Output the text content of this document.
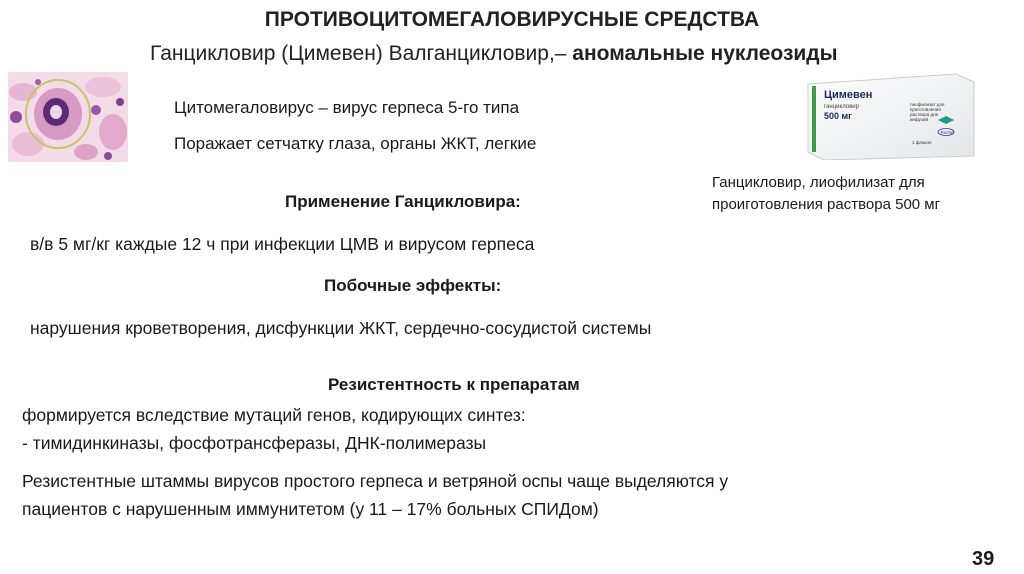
ПРОТИВОЦИТОМЕГАЛОВИРУСНЫЕ СРЕДСТВА
Ганцикловир (Цимевен) Валганцикловир,– аномальные нуклеозиды
Цимевен
ганцикловир
500 мг
лиофилизат для приготовления раствора для инфузий
1 флакон
Roche
Цитомегаловирус – вирус герпеса 5-го типа
Поражает сетчатку глаза, органы ЖКТ, легкие
Ганцикловир, лиофилизат для проиготовления раствора 500 мг
Применение Ганцикловира:
в/в 5 мг/кг каждые 12 ч при инфекции ЦМВ и вирусом герпеса
Побочные эффекты:
нарушения кроветворения, дисфункции ЖКТ, сердечно-сосудистой системы
Резистентность к препаратам
формируется вследствие мутаций генов, кодирующих синтез:
- тимидинкиназы, фосфотрансферазы, ДНК-полимеразы
Резистентные штаммы вирусов простого герпеса и ветряной оспы чаще выделяются у
пациентов с нарушенным иммунитетом (у 11 – 17% больных СПИДом)
39
